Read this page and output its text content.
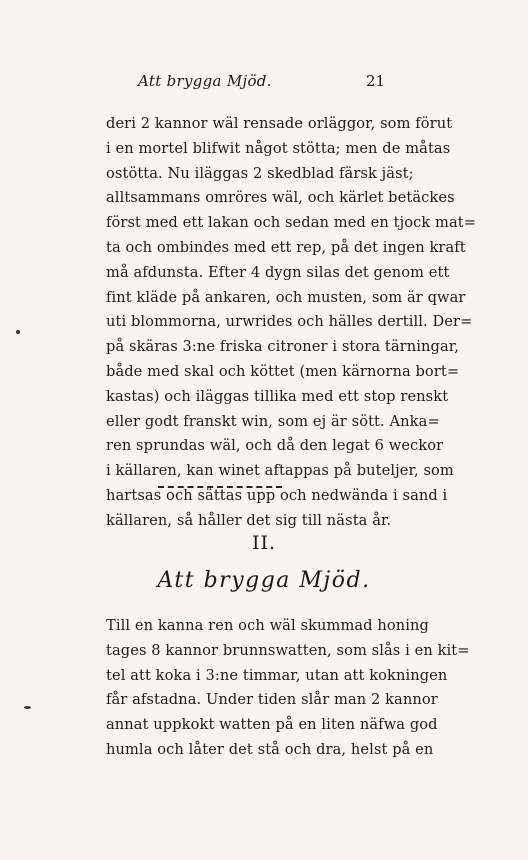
Att brygga Mjöd.	21
deri 2 kannor wäl rensade orläggor, som förut
i en mortel blifwit något stötta; men de måtas
ostötta. Nu iläggas 2 skedblad färsk jäst;
alltsammans omröres wäl, och kärlet betäckes
först med ett lakan och sedan med en tjock mat=
ta och ombindes med ett rep, på det ingen kraft
må afdunsta. Efter 4 dygn silas det genom ett
fint kläde på ankaren, och musten, som är qwar
uti blommorna, urwrides och hälles dertill. Der=
på skäras 3:ne friska citroner i stora tärningar,
både med skal och köttet (men kärnorna bort=
kastas) och iläggas tillika med ett stop renskt
eller godt franskt win, som ej är sött. Anka=
ren sprundas wäl, och då den legat 6 weckor
i källaren, kan winet aftappas på buteljer, som
hartsas och sättas upp och nedwända i sand i
källaren, så håller det sig till nästa år.
II.
Att brygga Mjöd.
Till en kanna ren och wäl skummad honing
tages 8 kannor brunnswatten, som slås i en kit=
tel att koka i 3:ne timmar, utan att kokningen
får afstadna. Under tiden slår man 2 kannor
annat uppkokt watten på en liten näfwa god
humla och låter det stå och dra, helst på en
